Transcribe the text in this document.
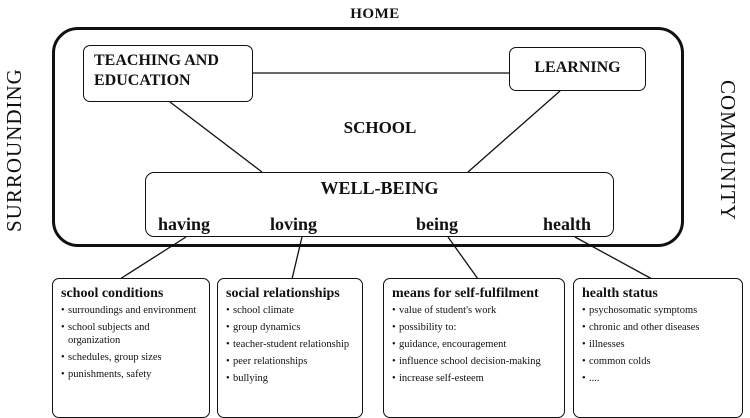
HOME
SURROUNDING	COMMUNITY
TEACHING AND EDUCATION
LEARNING
SCHOOL
WELL-BEING
having	loving	being	health
school conditions
• surroundings and environment
• school subjects and organization
• schedules, group sizes
• punishments, safety
social relationships
• school climate
• group dynamics
• teacher-student relationship
• peer relationships
• bullying
means for self-fulfilment
• value of student's work
• possibility to:
• guidance, encouragement
• influence school decision-making
• increase self-esteem
health status
• psychosomatic symptoms
• chronic and other diseases
• illnesses
• common colds
• ....
